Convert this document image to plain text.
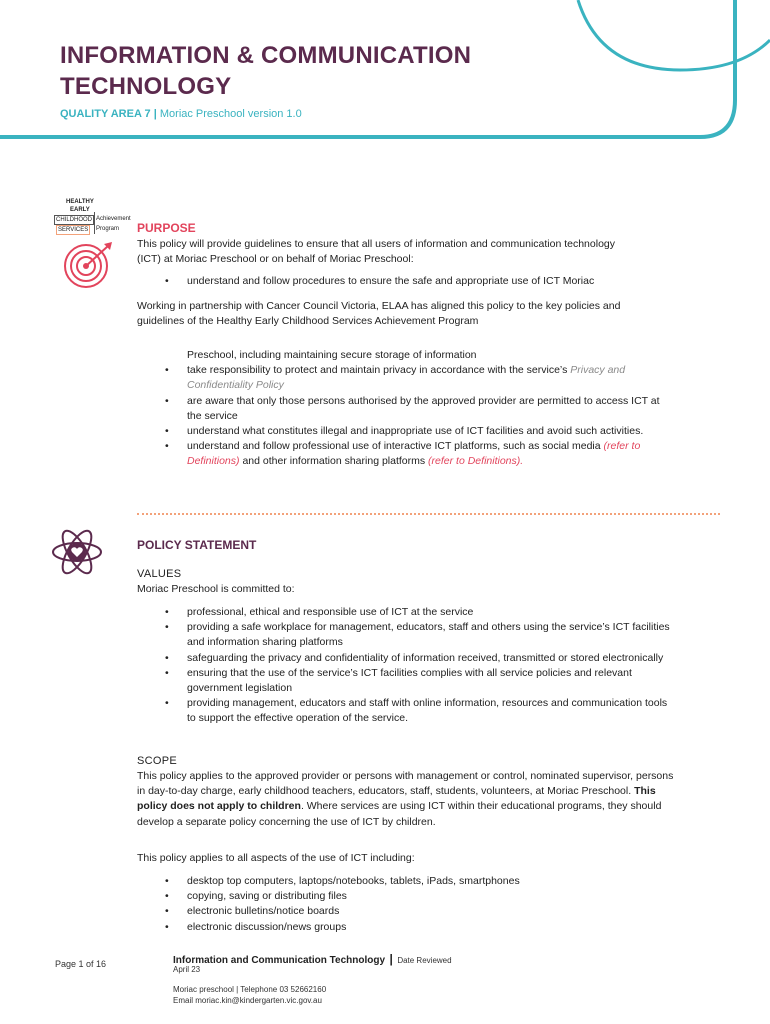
INFORMATION & COMMUNICATION TECHNOLOGY
QUALITY AREA 7 | Moriac Preschool version 1.0
HEALTHY
EARLY
CHILDHOOD
SERVICES
Achievement
Program PURPOSE
This policy will provide guidelines to ensure that all users of information and communication technology (ICT) at Moriac Preschool or on behalf of Moriac Preschool:
• understand and follow procedures to ensure the safe and appropriate use of ICT Moriac
Working in partnership with Cancer Council Victoria, ELAA has aligned this policy to the key policies and guidelines of the Healthy Early Childhood Services Achievement Program
Preschool, including maintaining secure storage of information
• take responsibility to protect and maintain privacy in accordance with the service’s Privacy and Confidentiality Policy
• are aware that only those persons authorised by the approved provider are permitted to access ICT at the service
• understand what constitutes illegal and inappropriate use of ICT facilities and avoid such activities.
• understand and follow professional use of interactive ICT platforms, such as social media (refer to Definitions) and other information sharing platforms (refer to Definitions).
POLICY STATEMENT
VALUES
Moriac Preschool is committed to:
• professional, ethical and responsible use of ICT at the service
• providing a safe workplace for management, educators, staff and others using the service’s ICT facilities and information sharing platforms
• safeguarding the privacy and confidentiality of information received, transmitted or stored electronically
• ensuring that the use of the service’s ICT facilities complies with all service policies and relevant government legislation
• providing management, educators and staff with online information, resources and communication tools to support the effective operation of the service.
SCOPE
This policy applies to the approved provider or persons with management or control, nominated supervisor, persons in day-to-day charge, early childhood teachers, educators, staff, students, volunteers, at Moriac Preschool. This policy does not apply to children. Where services are using ICT within their educational programs, they should develop a separate policy concerning the use of ICT by children.
This policy applies to all aspects of the use of ICT including:
• desktop top computers, laptops/notebooks, tablets, iPads, smartphones
• copying, saving or distributing files
• electronic bulletins/notice boards
• electronic discussion/news groups
Page 1 of 16	Information and Communication Technology | Date Reviewed
April 23
Moriac preschool | Telephone 03 52662160
Email moriac.kin@kindergarten.vic.gov.au
